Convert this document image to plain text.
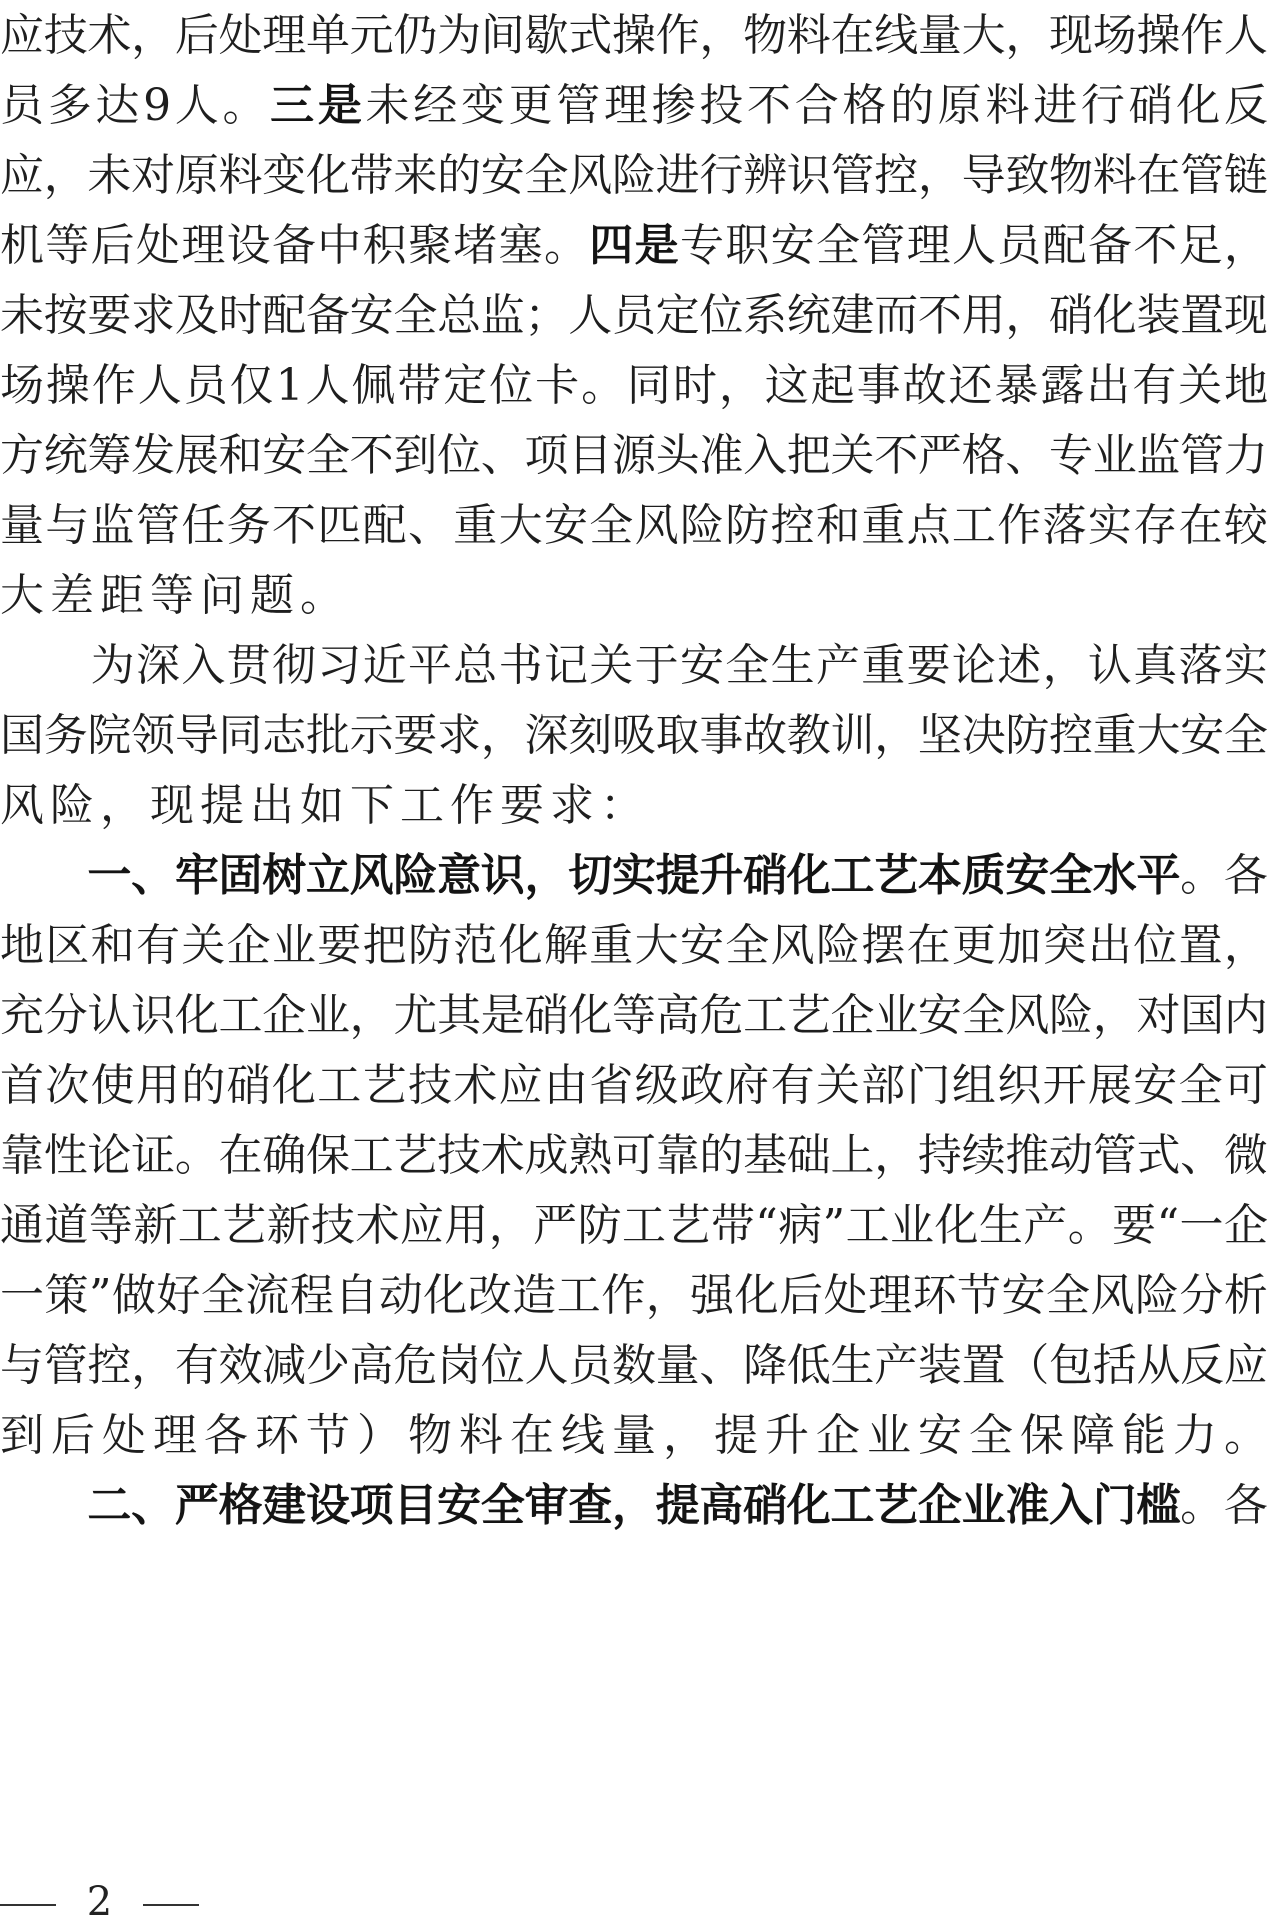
应技术，后处理单元仍为间歇式操作，物料在线量大，现场操作人
员多达9人。三是未经变更管理掺投不合格的原料进行硝化反
应，未对原料变化带来的安全风险进行辨识管控，导致物料在管链
机等后处理设备中积聚堵塞。四是专职安全管理人员配备不足，
未按要求及时配备安全总监；人员定位系统建而不用，硝化装置现
场操作人员仅1人佩带定位卡。同时，这起事故还暴露出有关地
方统筹发展和安全不到位、项目源头准入把关不严格、专业监管力
量与监管任务不匹配、重大安全风险防控和重点工作落实存在较
大差距等问题。
　　为深入贯彻习近平总书记关于安全生产重要论述，认真落实
国务院领导同志批示要求，深刻吸取事故教训，坚决防控重大安全
风险，现提出如下工作要求：
　　一、牢固树立风险意识，切实提升硝化工艺本质安全水平。各
地区和有关企业要把防范化解重大安全风险摆在更加突出位置，
充分认识化工企业，尤其是硝化等高危工艺企业安全风险，对国内
首次使用的硝化工艺技术应由省级政府有关部门组织开展安全可
靠性论证。在确保工艺技术成熟可靠的基础上，持续推动管式、微
通道等新工艺新技术应用，严防工艺带“病”工业化生产。要“一企
一策”做好全流程自动化改造工作，强化后处理环节安全风险分析
与管控，有效减少高危岗位人员数量、降低生产装置（包括从反应
到后处理各环节）物料在线量，提升企业安全保障能力。
　　二、严格建设项目安全审查，提高硝化工艺企业准入门槛。各
2
